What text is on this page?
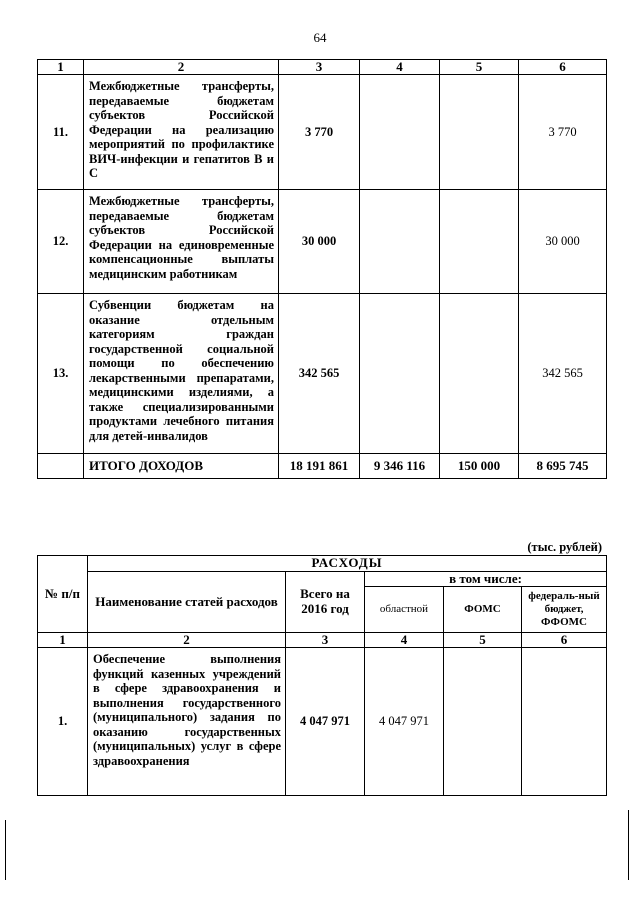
64
1	2	3	4	5	6
11.	Межбюджетные трансферты, передаваемые бюджетам субъектов Российской Федерации на реализацию мероприятий по профилактике ВИЧ-инфекции и гепатитов В и С	3 770			3 770
12.	Межбюджетные трансферты, передаваемые бюджетам субъектов Российской Федерации на единовременные компенсационные выплаты медицинским работникам	30 000			30 000
13.	Субвенции бюджетам на оказание отдельным категориям граждан государственной социальной помощи по обеспечению лекарственными препаратами, медицинскими изделиями, а также специализированными продуктами лечебного питания для детей-инвалидов	342 565			342 565
	ИТОГО ДОХОДОВ	18 191 861	9 346 116	150 000	8 695 745
(тыс. рублей)
№ п/п	РАСХОДЫ				
	Наименование статей расходов	Всего на 2016 год	в том числе:		
			областной	ФОМС	федераль-ный бюджет, ФФОМС
1	2	3	4	5	6
1.	Обеспечение выполнения функций казенных учреждений в сфере здравоохранения и выполнения государственного (муниципального) задания по оказанию государственных (муниципальных) услуг в сфере здравоохранения	4 047 971	4 047 971		
